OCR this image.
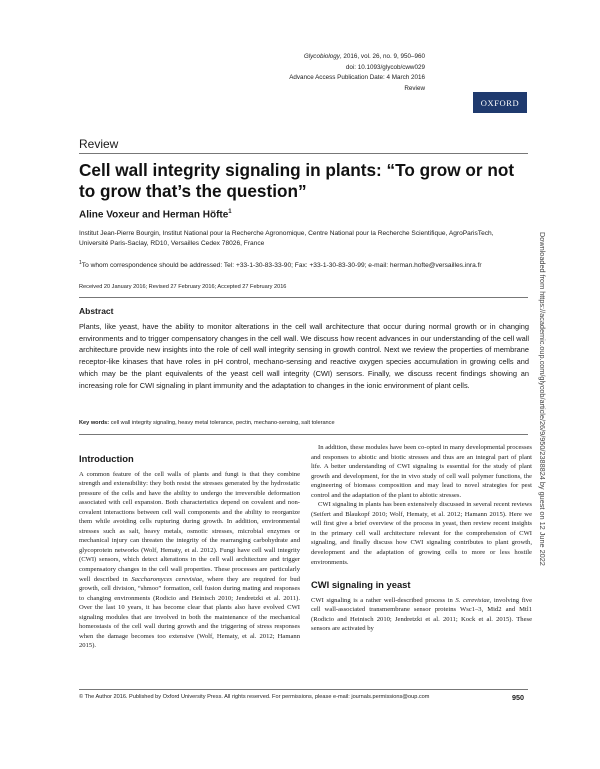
Glycobiology, 2016, vol. 26, no. 9, 950–960
doi: 10.1093/glycob/cww029
Advance Access Publication Date: 4 March 2016
Review
OXFORD
Review
Cell wall integrity signaling in plants: “To grow or not to grow that’s the question”
Aline Voxeur and Herman Höfte$^1$
Institut Jean-Pierre Bourgin, Institut National pour la Recherche Agronomique, Centre National pour la Recherche Scientifique, AgroParisTech, Université Paris-Saclay, RD10, Versailles Cedex 78026, France
$^1$To whom correspondence should be addressed: Tel: +33-1-30-83-33-90; Fax: +33-1-30-83-30-99; e-mail: herman.hofte@versailles.inra.fr
Received 20 January 2016; Revised 27 February 2016; Accepted 27 February 2016
Abstract
Plants, like yeast, have the ability to monitor alterations in the cell wall architecture that occur during normal growth or in changing environments and to trigger compensatory changes in the cell wall. We discuss how recent advances in our understanding of the cell wall architecture provide new insights into the role of cell wall integrity sensing in growth control. Next we review the properties of membrane receptor-like kinases that have roles in pH control, mechano-sensing and reactive oxygen species accumulation in growing cells and which may be the plant equivalents of the yeast cell wall integrity (CWI) sensors. Finally, we discuss recent findings showing an increasing role for CWI signaling in plant immunity and the adaptation to changes in the ionic environment of plant cells.
Key words: cell wall integrity signaling, heavy metal tolerance, pectin, mechano-sensing, salt tolerance
Introduction

A common feature of the cell walls of plants and fungi is that they combine strength and extensibility: they both resist the stresses generated by the hydrostatic pressure of the cells and have the ability to undergo the irreversible deformation associated with cell expansion. Both characteristics depend on covalent and non-covalent interactions between cell wall components and the ability to reorganize them while avoiding cells rupturing during growth. In addition, environmental stresses such as salt, heavy metals, osmotic stresses, microbial enzymes or mechanical injury can threaten the integrity of the rearranging carbohydrate and glycoprotein networks (Wolf, Hematy, et al. 2012). Fungi have cell wall integrity (CWI) sensors, which detect alterations in the cell wall architecture and trigger compensatory changes in the cell wall properties. These processes are particularly well described in Saccharomyces cerevisiae, where they are required for bud growth, cell division, “shmoo” formation, cell fusion during mating and responses to changing environments (Rodicio and Heinisch 2010; Jendretzki et al. 2011). Over the last 10 years, it has become clear that plants also have evolved CWI signaling modules that are involved in both the maintenance of the mechanical homeostasis of the cell wall during growth and the triggering of stress responses when the damage becomes too extensive (Wolf, Hematy, et al. 2012; Hamann 2015).

In addition, these modules have been co-opted in many developmental processes and responses to abiotic and biotic stresses and thus are an integral part of plant life. A better understanding of CWI signaling is essential for the study of plant growth and development, for the in vivo study of cell wall polymer functions, the engineering of biomass composition and may lead to novel strategies for pest control and the adaptation of the plant to abiotic stresses.

CWI signaling in plants has been extensively discussed in several recent reviews (Seifert and Blaukopf 2010; Wolf, Hematy, et al. 2012; Hamann 2015). Here we will first give a brief overview of the process in yeast, then review recent insights in the primary cell wall architecture relevant for the comprehension of CWI signaling, and finally discuss how CWI signaling contributes to plant growth, development and the adaptation of growing cells to more or less hostile environments.

CWI signaling in yeast

CWI signaling is a rather well-described process in S. cerevisiae, involving five cell wall-associated transmembrane sensor proteins Wsc1–3, Mid2 and Mtl1 (Rodicio and Heinisch 2010; Jendretzki et al. 2011; Kock et al. 2015). These sensors are activated by

© The Author 2016. Published by Oxford University Press. All rights reserved. For permissions, please e-mail: journals.permissions@oup.com	950
Downloaded from https://academic.oup.com/glycob/article/26/9/950/2388824 by guest on 12 June 2022
